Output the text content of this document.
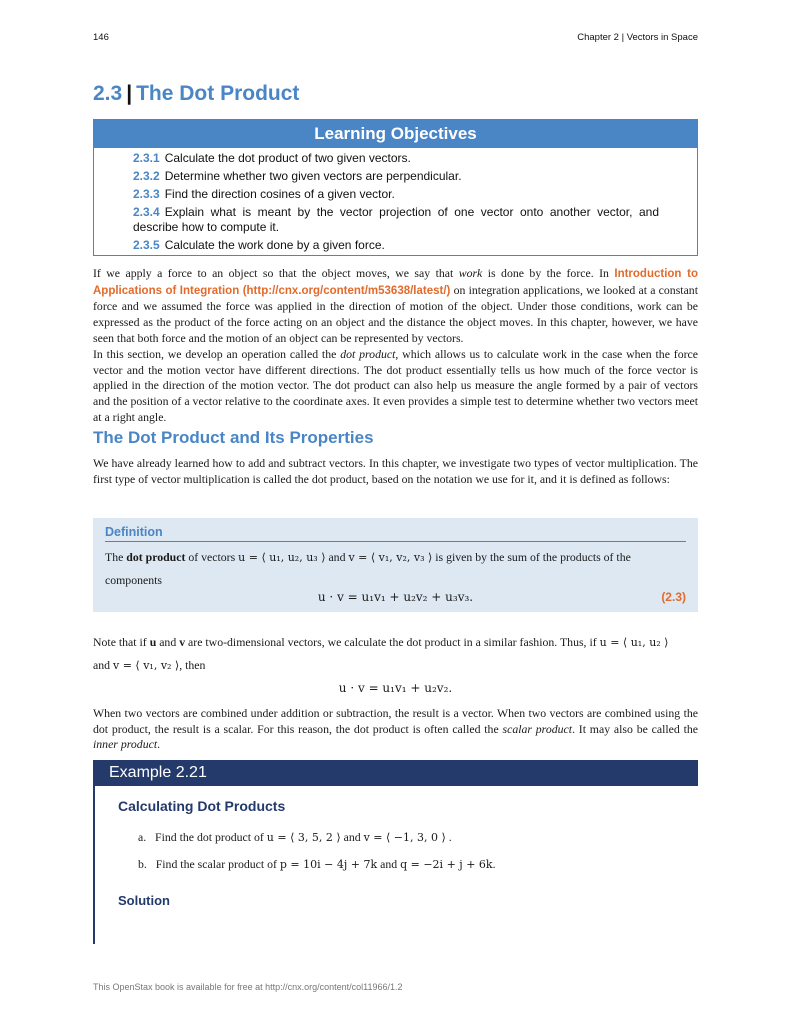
146	Chapter 2 | Vectors in Space
2.3 | The Dot Product
Learning Objectives
2.3.1 Calculate the dot product of two given vectors.
2.3.2 Determine whether two given vectors are perpendicular.
2.3.3 Find the direction cosines of a given vector.
2.3.4 Explain what is meant by the vector projection of one vector onto another vector, and describe how to compute it.
2.3.5 Calculate the work done by a given force.

If we apply a force to an object so that the object moves, we say that work is done by the force. In Introduction to Applications of Integration (http://cnx.org/content/m53638/latest/) on integration applications, we looked at a constant force and we assumed the force was applied in the direction of motion of the object. Under those conditions, work can be expressed as the product of the force acting on an object and the distance the object moves. In this chapter, however, we have seen that both force and the motion of an object can be represented by vectors.

In this section, we develop an operation called the dot product, which allows us to calculate work in the case when the force vector and the motion vector have different directions. The dot product essentially tells us how much of the force vector is applied in the direction of the motion vector. The dot product can also help us measure the angle formed by a pair of vectors and the position of a vector relative to the coordinate axes. It even provides a simple test to determine whether two vectors meet at a right angle.

The Dot Product and Its Properties

We have already learned how to add and subtract vectors. In this chapter, we investigate two types of vector multiplication. The first type of vector multiplication is called the dot product, based on the notation we use for it, and it is defined as follows:

Definition
The dot product of vectors u = ⟨ u₁, u₂, u₃ ⟩ and v = ⟨ v₁, v₂, v₃ ⟩ is given by the sum of the products of the components
u · v = u₁v₁ + u₂v₂ + u₃v₃.	(2.3)

Note that if u and v are two-dimensional vectors, we calculate the dot product in a similar fashion. Thus, if u = ⟨ u₁, u₂ ⟩
and v = ⟨ v₁, v₂ ⟩, then

u · v = u₁v₁ + u₂v₂.

When two vectors are combined under addition or subtraction, the result is a vector. When two vectors are combined using the dot product, the result is a scalar. For this reason, the dot product is often called the scalar product. It may also be called the inner product.

Example 2.21
Calculating Dot Products
a. Find the dot product of u = ⟨ 3, 5, 2 ⟩ and v = ⟨ −1, 3, 0 ⟩ .
b. Find the scalar product of p = 10i − 4j + 7k and q = −2i + j + 6k.
Solution
This OpenStax book is available for free at http://cnx.org/content/col11966/1.2
